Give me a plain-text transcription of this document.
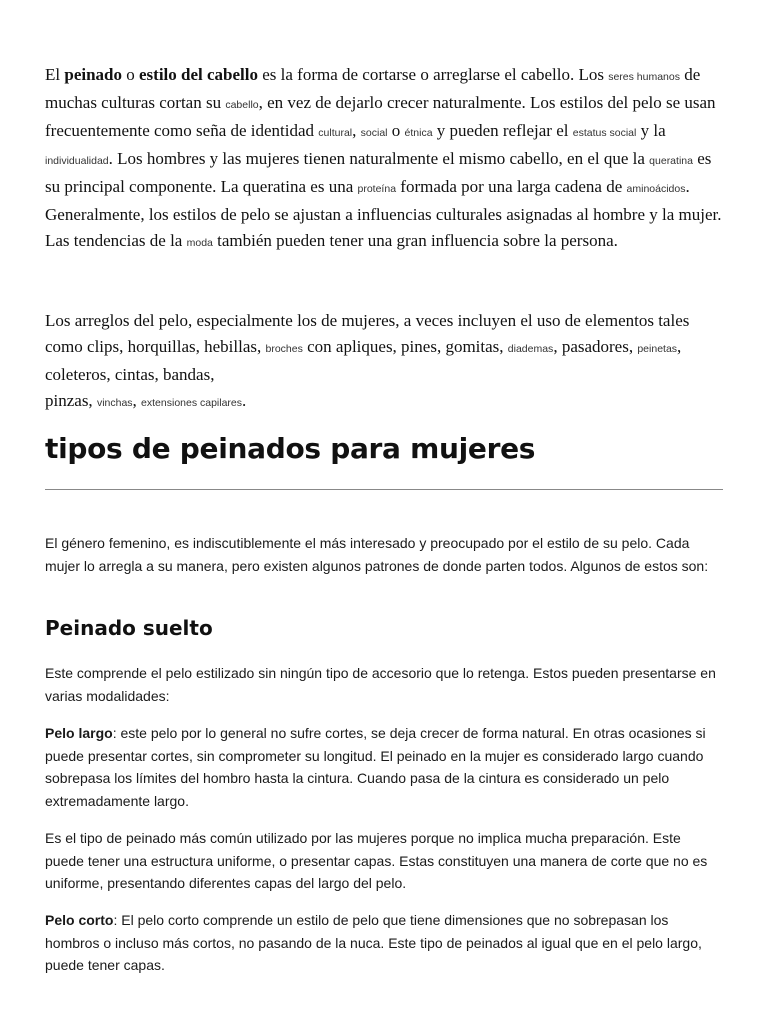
El peinado o estilo del cabello es la forma de cortarse o arreglarse el cabello. Los seres humanos de muchas culturas cortan su cabello, en vez de dejarlo crecer naturalmente. Los estilos del pelo se usan frecuentemente como seña de identidad cultural, social o étnica y pueden reflejar el estatus social y la individualidad. Los hombres y las mujeres tienen naturalmente el mismo cabello, en el que la queratina es su principal componente. La queratina es una proteína formada por una larga cadena de aminoácidos. Generalmente, los estilos de pelo se ajustan a influencias culturales asignadas al hombre y la mujer. Las tendencias de la moda también pueden tener una gran influencia sobre la persona.

Los arreglos del pelo, especialmente los de mujeres, a veces incluyen el uso de elementos tales como clips, horquillas, hebillas, broches con apliques, pines, gomitas, diademas, pasadores, peinetas, coleteros, cintas, bandas,
pinzas, vinchas, extensiones capilares.

tipos de peinados para mujeres

El género femenino, es indiscutiblemente el más interesado y preocupado por el estilo de su pelo. Cada mujer lo arregla a su manera, pero existen algunos patrones de donde parten todos. Algunos de estos son:

Peinado suelto

Este comprende el pelo estilizado sin ningún tipo de accesorio que lo retenga. Estos pueden presentarse en varias modalidades:

Pelo largo: este pelo por lo general no sufre cortes, se deja crecer de forma natural. En otras ocasiones si puede presentar cortes, sin comprometer su longitud. El peinado en la mujer es considerado largo cuando sobrepasa los límites del hombro hasta la cintura. Cuando pasa de la cintura es considerado un pelo extremadamente largo.

Es el tipo de peinado más común utilizado por las mujeres porque no implica mucha preparación. Este puede tener una estructura uniforme, o presentar capas. Estas constituyen una manera de corte que no es uniforme, presentando diferentes capas del largo del pelo.

Pelo corto: El pelo corto comprende un estilo de pelo que tiene dimensiones que no sobrepasan los hombros o incluso más cortos, no pasando de la nuca. Este tipo de peinados al igual que en el pelo largo, puede tener capas.
